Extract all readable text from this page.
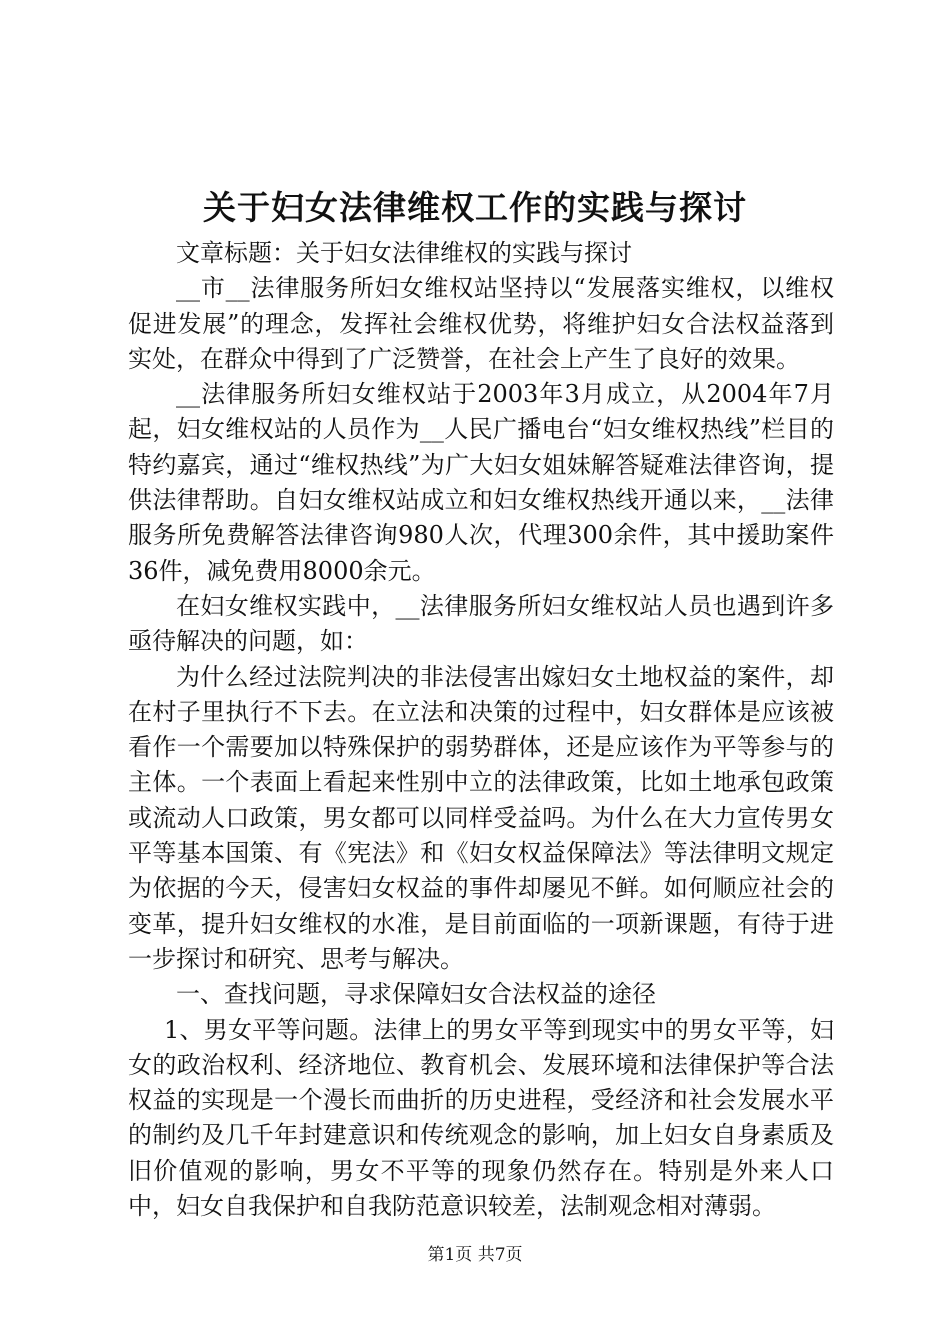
关于妇女法律维权工作的实践与探讨

文章标题：关于妇女法律维权的实践与探讨

__市__法律服务所妇女维权站坚持以“发展落实维权，以维权促进发展”的理念，发挥社会维权优势，将维护妇女合法权益落到实处，在群众中得到了广泛赞誉，在社会上产生了良好的效果。

__法律服务所妇女维权站于2003年3月成立，从2004年7月起，妇女维权站的人员作为__人民广播电台“妇女维权热线”栏目的特约嘉宾，通过“维权热线”为广大妇女姐妹解答疑难法律咨询，提供法律帮助。自妇女维权站成立和妇女维权热线开通以来，__法律服务所免费解答法律咨询980人次，代理300余件，其中援助案件36件，减免费用8000余元。

在妇女维权实践中，__法律服务所妇女维权站人员也遇到许多亟待解决的问题，如：

为什么经过法院判决的非法侵害出嫁妇女土地权益的案件，却在村子里执行不下去。在立法和决策的过程中，妇女群体是应该被看作一个需要加以特殊保护的弱势群体，还是应该作为平等参与的主体。一个表面上看起来性别中立的法律政策，比如土地承包政策或流动人口政策，男女都可以同样受益吗。为什么在大力宣传男女平等基本国策、有《宪法》和《妇女权益保障法》等法律明文规定为依据的今天，侵害妇女权益的事件却屡见不鲜。如何顺应社会的变革，提升妇女维权的水准，是目前面临的一项新课题，有待于进一步探讨和研究、思考与解决。

一、查找问题，寻求保障妇女合法权益的途径

1、男女平等问题。法律上的男女平等到现实中的男女平等，妇女的政治权利、经济地位、教育机会、发展环境和法律保护等合法权益的实现是一个漫长而曲折的历史进程，受经济和社会发展水平的制约及几千年封建意识和传统观念的影响，加上妇女自身素质及旧价值观的影响，男女不平等的现象仍然存在。特别是外来人口中，妇女自我保护和自我防范意识较差，法制观念相对薄弱。

第1页 共7页
